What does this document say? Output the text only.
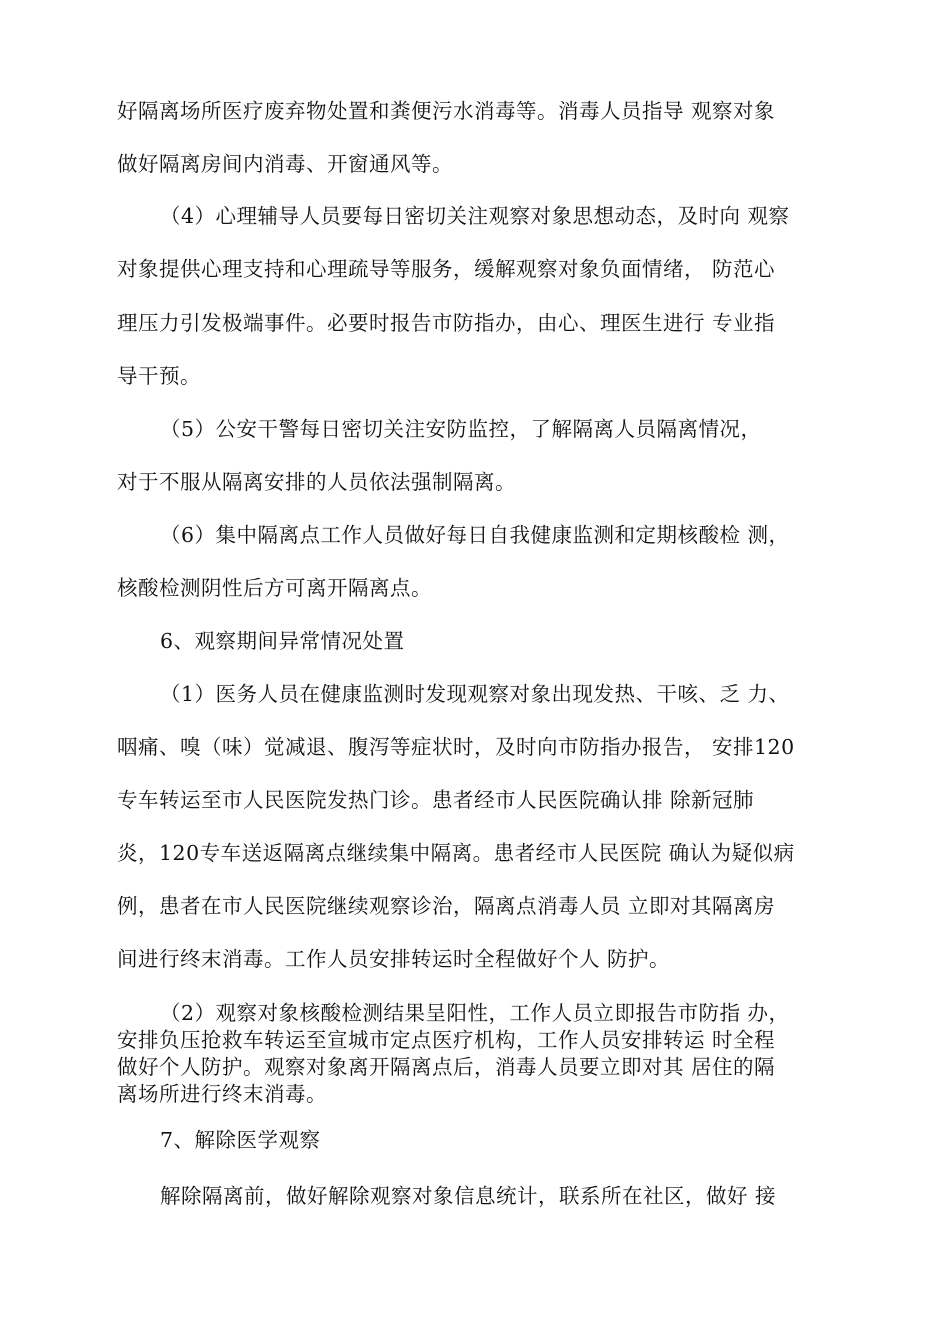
好隔离场所医疗废弃物处置和粪便污水消毒等。消毒人员指导 观察对象
做好隔离房间内消毒、开窗通风等。
（4）心理辅导人员要每日密切关注观察对象思想动态，及时向 观察
对象提供心理支持和心理疏导等服务，缓解观察对象负面情绪， 防范心
理压力引发极端事件。必要时报告市防指办，由心、理医生进行 专业指
导干预。
（5）公安干警每日密切关注安防监控，了解隔离人员隔离情况，
对于不服从隔离安排的人员依法强制隔离。
（6）集中隔离点工作人员做好每日自我健康监测和定期核酸检 测，
核酸检测阴性后方可离开隔离点。
6、观察期间异常情况处置
（1）医务人员在健康监测时发现观察对象出现发热、干咳、乏 力、
咽痛、嗅（味）觉减退、腹泻等症状时，及时向市防指办报告， 安排120
专车转运至市人民医院发热门诊。患者经市人民医院确认排 除新冠肺
炎，120专车送返隔离点继续集中隔离。患者经市人民医院 确认为疑似病
例，患者在市人民医院继续观察诊治，隔离点消毒人员 立即对其隔离房
间进行终末消毒。工作人员安排转运时全程做好个人 防护。
（2）观察对象核酸检测结果呈阳性，工作人员立即报告市防指 办，
安排负压抢救车转运至宣城市定点医疗机构，工作人员安排转运 时全程
做好个人防护。观察对象离开隔离点后，消毒人员要立即对其 居住的隔
离场所进行终末消毒。
7、解除医学观察
解除隔离前，做好解除观察对象信息统计，联系所在社区，做好 接
